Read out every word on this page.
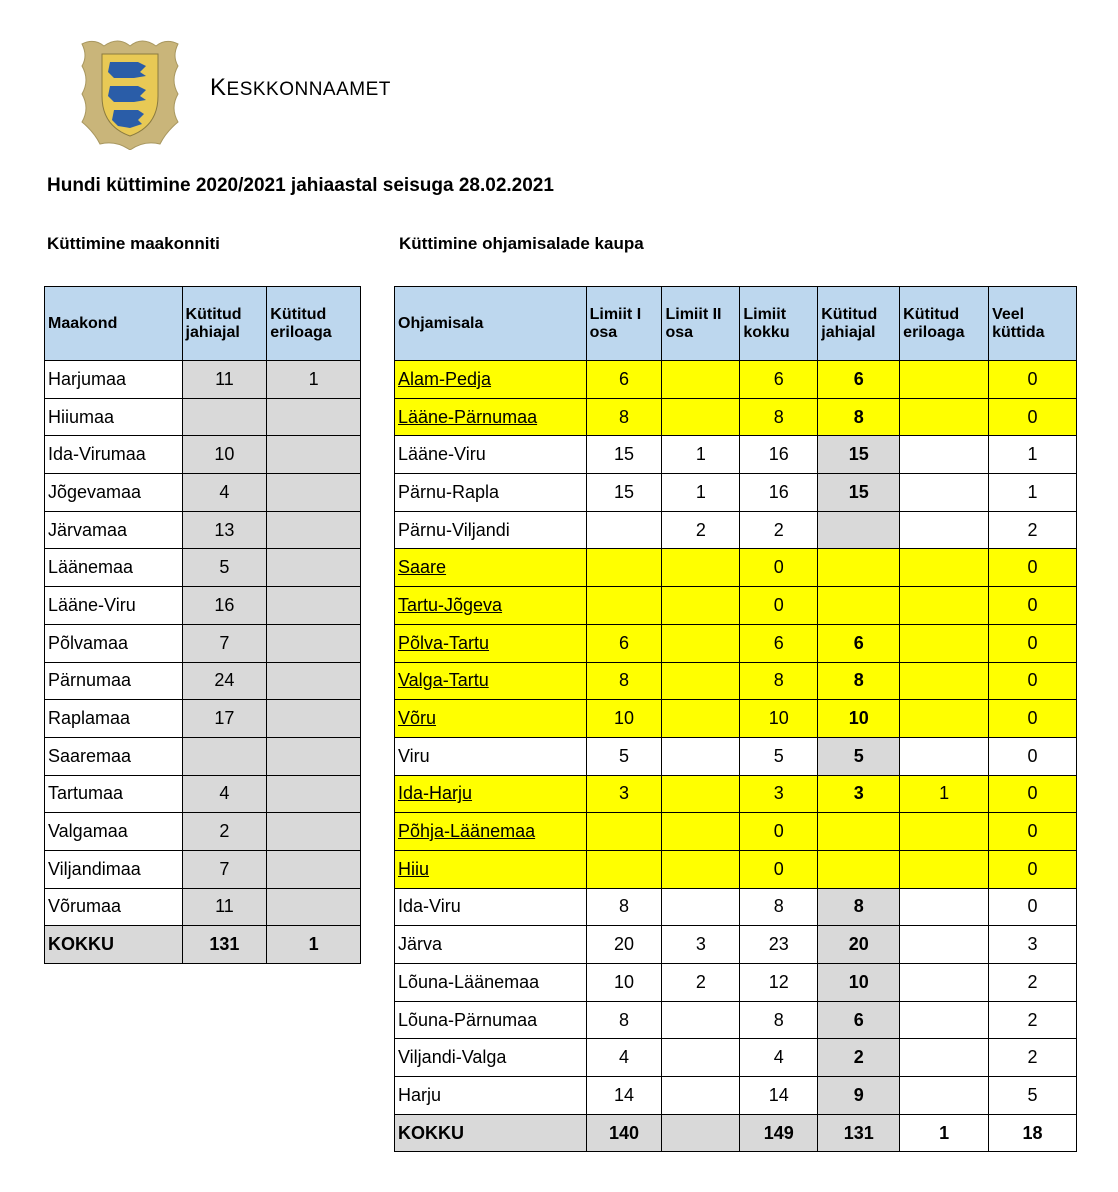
KESKKONNAAMET
Hundi küttimine 2020/2021 jahiaastal seisuga 28.02.2021
Küttimine maakonniti	Küttimine ohjamisalade kaupa
Maakond	Kütitud jahiajal	Kütitud eriloaga
Harjumaa	11	1
Hiiumaa		
Ida-Virumaa	10	
Jõgevamaa	4	
Järvamaa	13	
Läänemaa	5	
Lääne-Viru	16	
Põlvamaa	7	
Pärnumaa	24	
Raplamaa	17	
Saaremaa		
Tartumaa	4	
Valgamaa	2	
Viljandimaa	7	
Võrumaa	11	
KOKKU	131	1
Ohjamisala	Limiit I osa	Limiit II osa	Limiit kokku	Kütitud jahiajal	Kütitud eriloaga	Veel küttida
Alam-Pedja	6		6	6		0
Lääne-Pärnumaa	8		8	8		0
Lääne-Viru	15	1	16	15		1
Pärnu-Rapla	15	1	16	15		1
Pärnu-Viljandi		2	2			2
Saare			0			0
Tartu-Jõgeva			0			0
Põlva-Tartu	6		6	6		0
Valga-Tartu	8		8	8		0
Võru	10		10	10		0
Viru	5		5	5		0
Ida-Harju	3		3	3	1	0
Põhja-Läänemaa			0			0
Hiiu			0			0
Ida-Viru	8		8	8		0
Järva	20	3	23	20		3
Lõuna-Läänemaa	10	2	12	10		2
Lõuna-Pärnumaa	8		8	6		2
Viljandi-Valga	4		4	2		2
Harju	14		14	9		5
KOKKU	140		149	131	1	18
